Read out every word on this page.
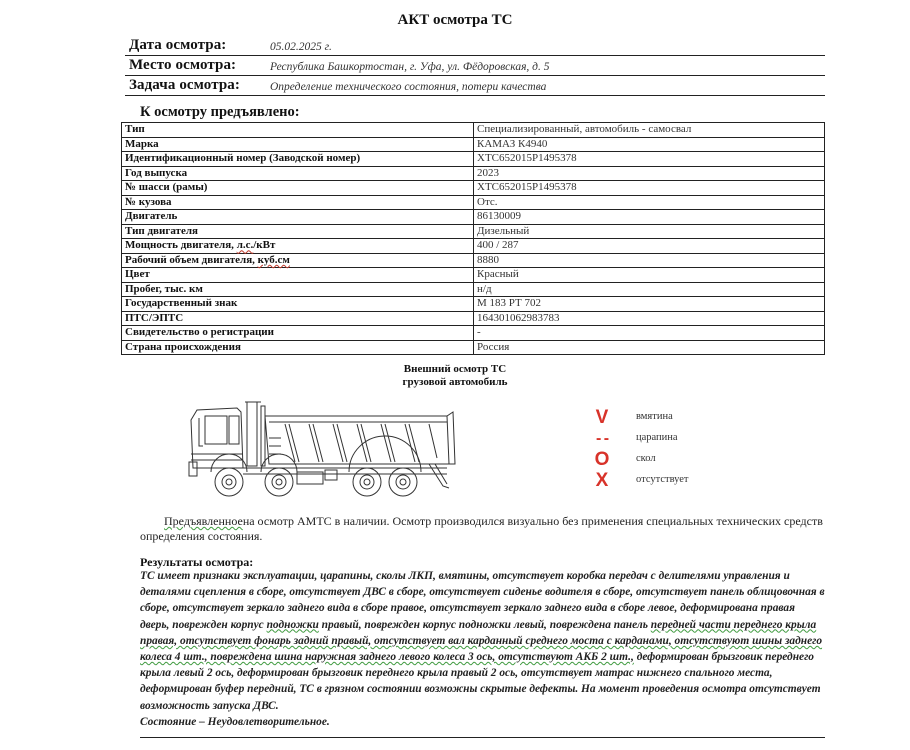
АКТ осмотра ТС
Дата осмотра:	05.02.2025 г.
Место осмотра:	Республика Башкортостан, г. Уфа, ул. Фёдоровская, д. 5
Задача осмотра:	Определение технического состояния, потери качества
К осмотру предъявлено:
Тип	Специализированный, автомобиль - самосвал
Марка	КАМАЗ К4940
Идентификационный номер (Заводской номер)	ХТС652015Р1495378
Год выпуска	2023
№ шасси (рамы)	ХТС652015Р1495378
№ кузова	Отс.
Двигатель	86130009
Тип двигателя	Дизельный
Мощность двигателя, л.с./кВт	400 / 287
Рабочий объем двигателя, куб.см	8880
Цвет	Красный
Пробег, тыс. км	н/д
Государственный знак	М 183 РТ 702
ПТС/ЭПТС	164301062983783
Свидетельство о регистрации	-
Страна происхождения	Россия
Внешний осмотр ТС
грузовой автомобиль
V	вмятина
- -	царапина
O	скол
X	отсутствует
Предъявленноена осмотр АМТС в наличии. Осмотр производился визуально без применения специальных технических средств определения состояния.
Результаты осмотра:
ТС имеет признаки эксплуатации, царапины, сколы ЛКП, вмятины, отсутствует коробка передач с делителями управления и деталями сцепления в сборе, отсутствует ДВС в сборе, отсутствует сиденье водителя в сборе, отсутствует панель облицовочная в сборе, отсутствует зеркало заднего вида в сборе правое, отсутствует зеркало заднего вида в сборе левое, деформирована правая дверь, поврежден корпус подножки правый, поврежден корпус подножки левый, повреждена панель передней части переднего крыла правая, отсутствует фонарь задний правый, отсутствует вал карданный среднего моста с карданами, отсутствуют шины заднего колеса 4 шт., повреждена шина наружная заднего левого колеса 3 ось, отсутствуют АКБ 2 шт., деформирован брызговик переднего крыла левый 2 ось, деформирован брызговик переднего крыла правый 2 ось, отсутствует матрас нижнего спального места, деформирован буфер передний, ТС в грязном состоянии возможны скрытые дефекты. На момент проведения осмотра отсутствует возможность запуска ДВС.
Состояние – Неудовлетворительное.
